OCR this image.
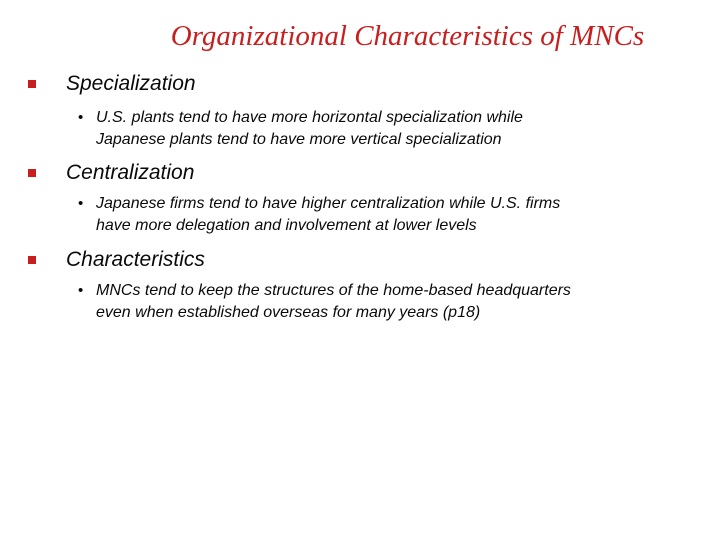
Organizational Characteristics of MNCs
Specialization
• U.S. plants tend to have more horizontal specialization while
Japanese plants tend to have more vertical specialization
Centralization
• Japanese firms tend to have higher centralization while U.S. firms
have more delegation and involvement at lower levels
Characteristics
• MNCs tend to keep the structures of the home-based headquarters
even when established overseas for many years (p18)
